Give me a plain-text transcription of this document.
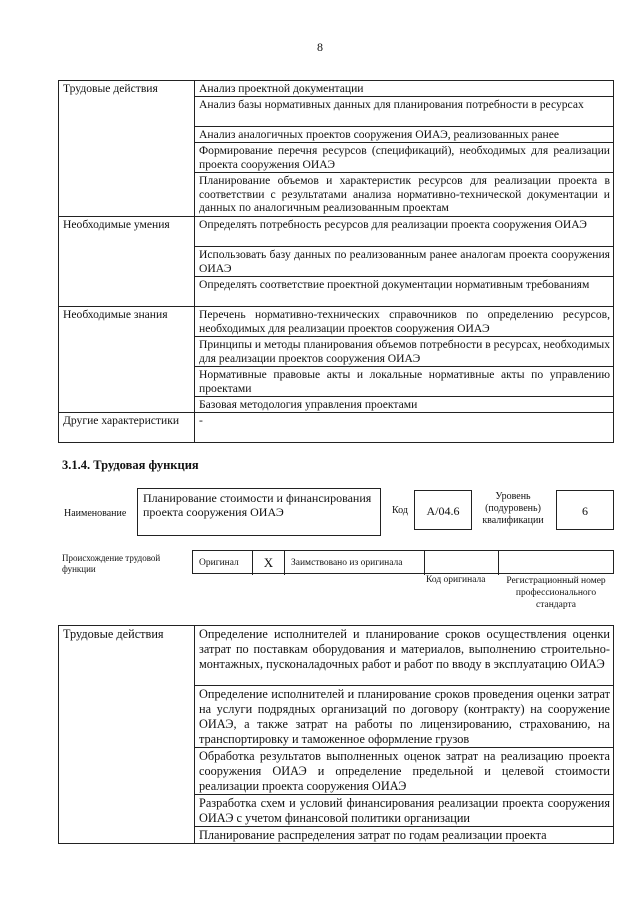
8
Трудовые действия	Анализ проектной документации
	Анализ базы нормативных данных для планирования потребности в ресурсах
	Анализ аналогичных проектов сооружения ОИАЭ, реализованных ранее
	Формирование перечня ресурсов (спецификаций), необходимых для реализации проекта сооружения ОИАЭ
	Планирование объемов и характеристик ресурсов для реализации проекта в соответствии с результатами анализа нормативно-технической документации и данных по аналогичным реализованным проектам
Необходимые умения	Определять потребность ресурсов для реализации проекта сооружения ОИАЭ
	Использовать базу данных по реализованным ранее аналогам проекта сооружения ОИАЭ
	Определять соответствие проектной документации нормативным требованиям
Необходимые знания	Перечень нормативно-технических справочников по определению ресурсов, необходимых для реализации проектов сооружения ОИАЭ
	Принципы и методы планирования объемов потребности в ресурсах, необходимых для реализации проектов сооружения ОИАЭ
	Нормативные правовые акты и локальные нормативные акты по управлению проектами
	Базовая методология управления проектами
Другие характеристики	-
3.1.4. Трудовая функция
Наименование
Планирование стоимости и финансирования проекта сооружения ОИАЭ	Код	А/04.6
Уровень (подуровень) квалификации
6
Происхождение трудовой функции
Оригинал	X	Заимствовано из оригинала
Код оригинала	Регистрационный номер профессионального стандарта
Трудовые действия	Определение исполнителей и планирование сроков осуществления оценки затрат по поставкам оборудования и материалов, выполнению строительно-монтажных, пусконаладочных работ и работ по вводу в эксплуатацию ОИАЭ
Определение исполнителей и планирование сроков проведения оценки затрат на услуги подрядных организаций по договору (контракту) на сооружение ОИАЭ, а также затрат на работы по лицензированию, страхованию, на транспортировку и таможенное оформление грузов
Обработка результатов выполненных оценок затрат на реализацию проекта сооружения ОИАЭ и определение предельной и целевой стоимости реализации проекта сооружения ОИАЭ
Разработка схем и условий финансирования реализации проекта сооружения ОИАЭ с учетом финансовой политики организации
Планирование распределения затрат по годам реализации проекта
